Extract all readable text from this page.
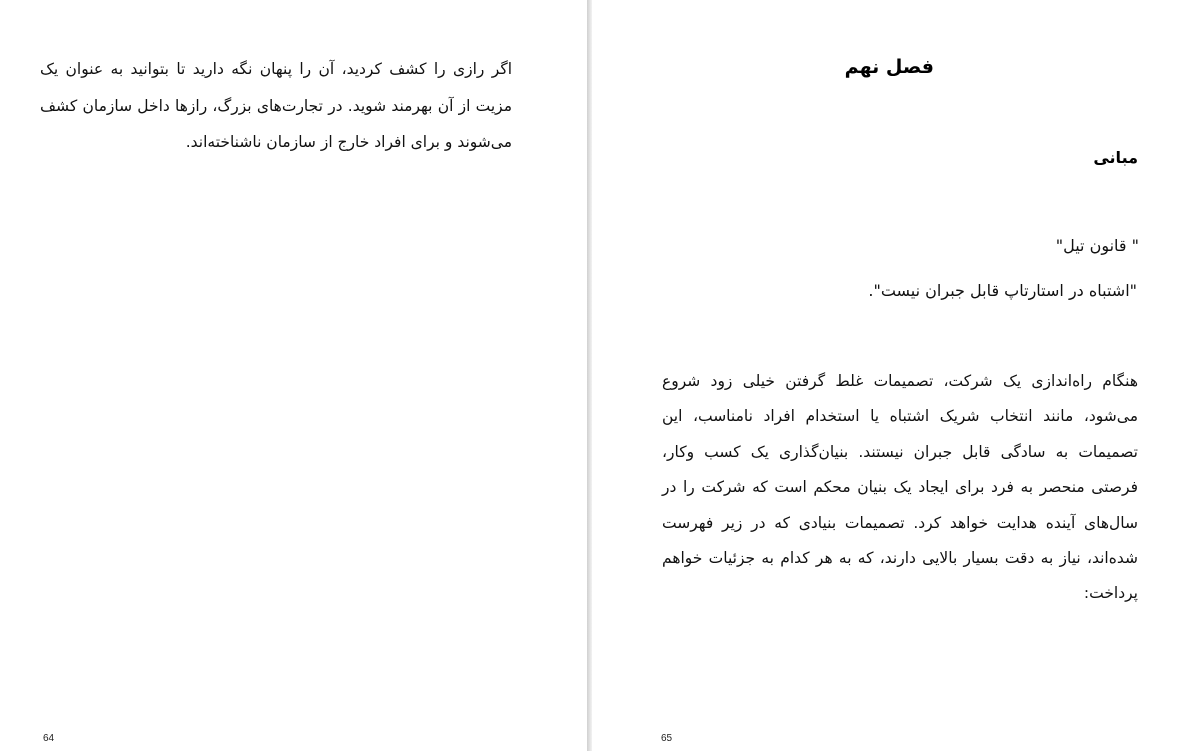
اگر رازی را کشف کردید، آن را پنهان نگه دارید تا بتوانید به عنوان یک مزیت از آن بهرمند شوید. در تجارت‌های بزرگ، رازها داخل سازمان کشف می‌شوند و برای افراد خارج از سازمان ناشناخته‌اند.

64
فصل نهم
مبانی

" قانون تیل"

"اشتباه در استارتاپ قابل جبران نیست".

هنگام راه‌اندازی یک شرکت، تصمیمات غلط گرفتن خیلی زود شروع می‌شود، مانند انتخاب شریک اشتباه یا استخدام افراد نامناسب، این تصمیمات به سادگی قابل جبران نیستند. بنیان‌گذاری یک کسب وکار، فرصتی منحصر به فرد برای ایجاد یک بنیان محکم است که شرکت را در سال‌های آینده هدایت خواهد کرد. تصمیمات بنیادی که در زیر فهرست شده‌اند، نیاز به دقت بسیار بالایی دارند، که به هر کدام به جزئیات خواهم پرداخت:

65
